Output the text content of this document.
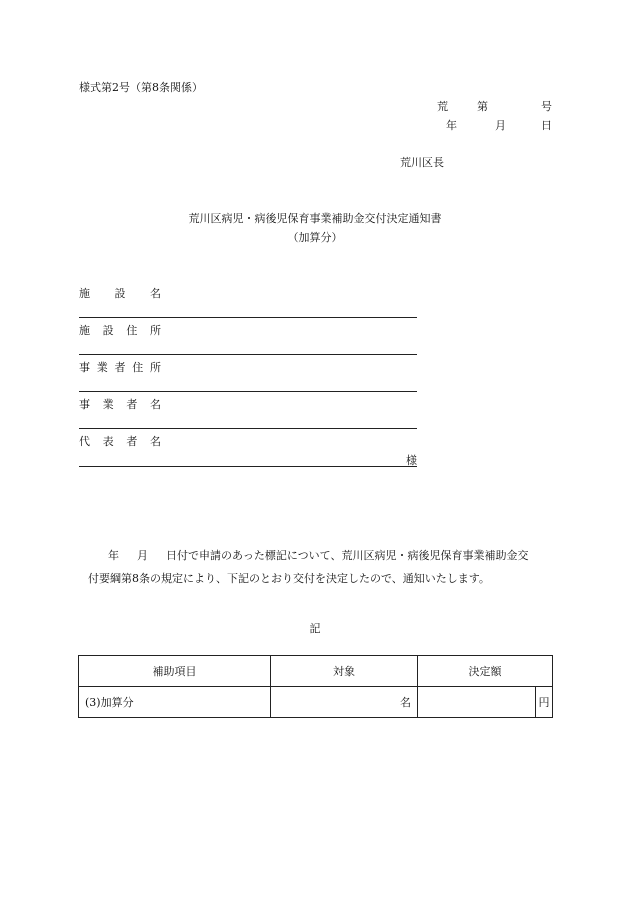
様式第2号（第8条関係）
荒	第	号
年	月	日
荒川区長
荒川区病児・病後児保育事業補助金交付決定通知書
（加算分）
施 設 名
施 設 住 所
事 業 者 住 所
事 業 者 名
代 表 者 名
様
年 月 日付で申請のあった標記について、荒川区病児・病後児保育事業補助金交
付要綱第8条の規定により、下記のとおり交付を決定したので、通知いたします。
記
補助項目	対象	決定額
(3)加算分	名	円
